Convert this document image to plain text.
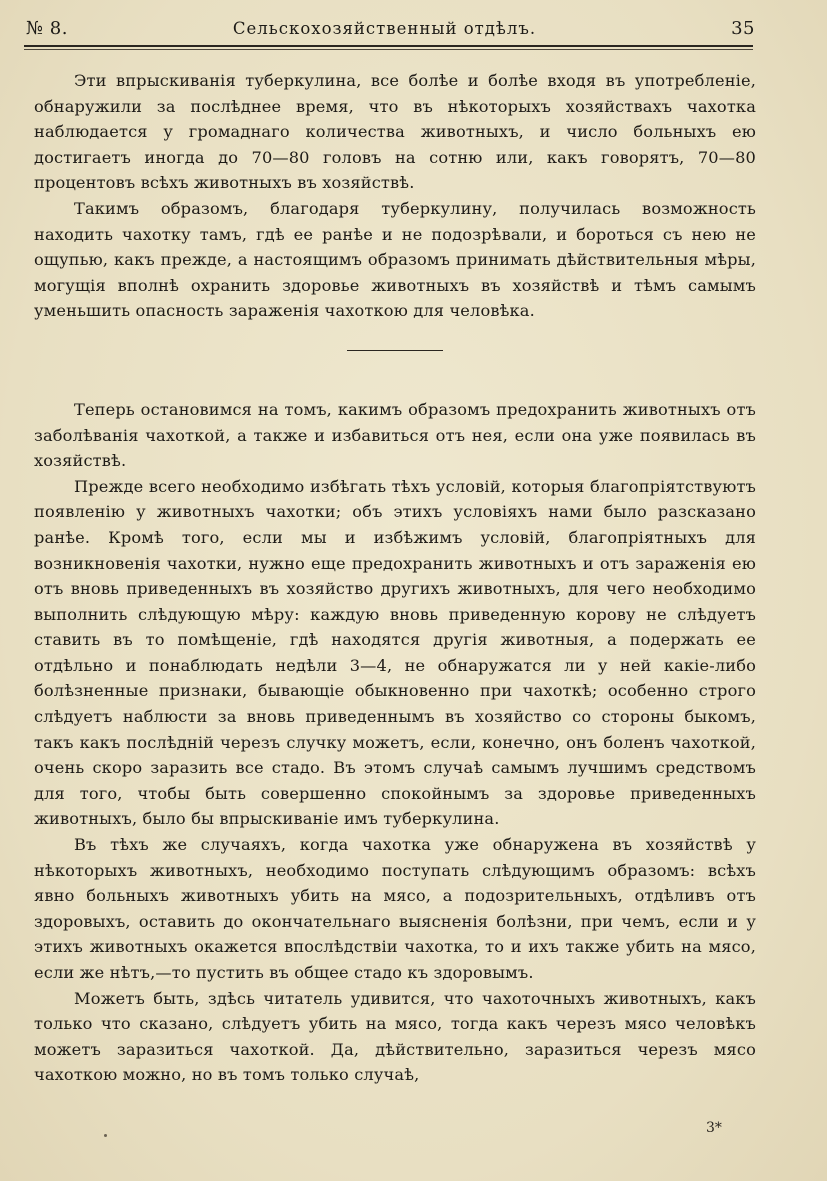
№ 8.	Сельскохозяйственный отдѣлъ.	35

Эти впрыскиванія туберкулина, все болѣе и болѣе входя въ употребленіе, обнаружили за послѣднее время, что въ нѣкоторыхъ хозяйствахъ чахотка наблюдается у громаднаго количества животныхъ, и число больныхъ ею достигаетъ иногда до 70—80 головъ на сотню или, какъ говорятъ, 70—80 процентовъ всѣхъ животныхъ въ хозяйствѣ.

Такимъ образомъ, благодаря туберкулину, получилась возможность находить чахотку тамъ, гдѣ ее ранѣе и не подозрѣвали, и бороться съ нею не ощупью, какъ прежде, а настоящимъ образомъ принимать дѣйствительныя мѣры, могущія вполнѣ охранить здоровье животныхъ въ хозяйствѣ и тѣмъ самымъ уменьшить опасность зараженія чахоткою для человѣка.

Теперь остановимся на томъ, какимъ образомъ предохранить животныхъ отъ заболѣванія чахоткой, а также и избавиться отъ нея, если она уже появилась въ хозяйствѣ.

Прежде всего необходимо избѣгать тѣхъ условій, которыя благопріятствуютъ появленію у животныхъ чахотки; объ этихъ условіяхъ нами было разсказано ранѣе. Кромѣ того, если мы и избѣжимъ условій, благопріятныхъ для возникновенія чахотки, нужно еще предохранить животныхъ и отъ зараженія ею отъ вновь приведенныхъ въ хозяйство другихъ животныхъ, для чего необходимо выполнить слѣдующую мѣру: каждую вновь приведенную корову не слѣдуетъ ставить въ то помѣщеніе, гдѣ находятся другія животныя, а подержать ее отдѣльно и понаблюдать недѣли 3—4, не обнаружатся ли у ней какіе-либо болѣзненные признаки, бывающіе обыкновенно при чахоткѣ; особенно строго слѣдуетъ наблюсти за вновь приведеннымъ въ хозяйство со стороны быкомъ, такъ какъ послѣдній черезъ случку можетъ, если, конечно, онъ боленъ чахоткой, очень скоро заразить все стадо. Въ этомъ случаѣ самымъ лучшимъ средствомъ для того, чтобы быть совершенно спокойнымъ за здоровье приведенныхъ животныхъ, было бы впрыскиваніе имъ туберкулина.

Въ тѣхъ же случаяхъ, когда чахотка уже обнаружена въ хозяйствѣ у нѣкоторыхъ животныхъ, необходимо поступать слѣдующимъ образомъ: всѣхъ явно больныхъ животныхъ убить на мясо, а подозрительныхъ, отдѣливъ отъ здоровыхъ, оставить до окончательнаго выясненія болѣзни, при чемъ, если и у этихъ животныхъ окажется впослѣдствіи чахотка, то и ихъ также убить на мясо, если же нѣтъ,—то пустить въ общее стадо къ здоровымъ.

Можетъ быть, здѣсь читатель удивится, что чахоточныхъ животныхъ, какъ только что сказано, слѣдуетъ убить на мясо, тогда какъ черезъ мясо человѣкъ можетъ заразиться чахоткой. Да, дѣйствительно, заразиться черезъ мясо чахоткою можно, но въ томъ только случаѣ,

3*
